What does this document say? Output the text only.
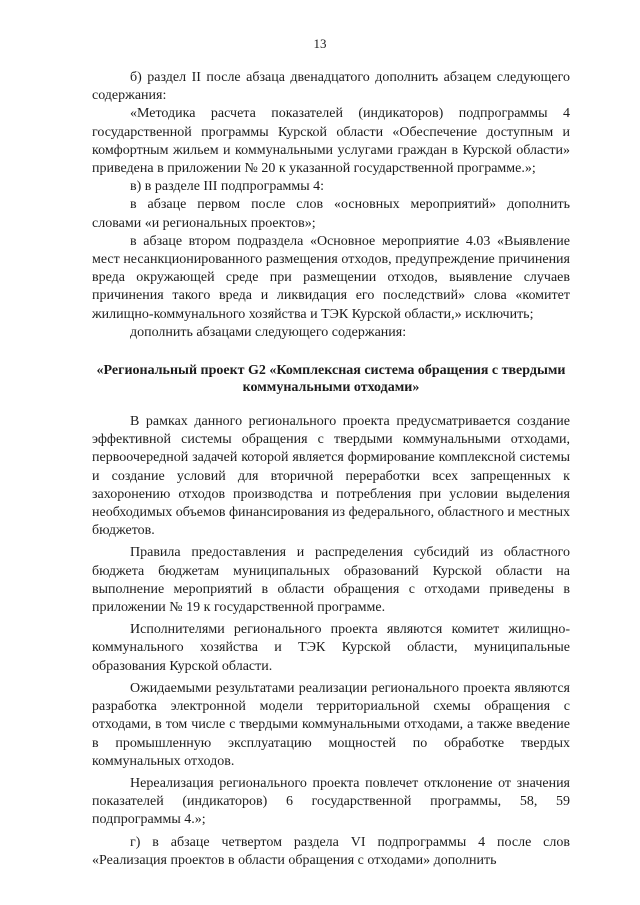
13

б) раздел II после абзаца двенадцатого дополнить абзацем следующего содержания:

«Методика расчета показателей (индикаторов) подпрограммы 4 государственной программы Курской области «Обеспечение доступным и комфортным жильем и коммунальными услугами граждан в Курской области» приведена в приложении № 20 к указанной государственной программе.»;

в) в разделе III подпрограммы 4:

в абзаце первом после слов «основных мероприятий» дополнить словами «и региональных проектов»;

в абзаце втором подраздела «Основное мероприятие 4.03 «Выявление мест несанкционированного размещения отходов, предупреждение причинения вреда окружающей среде при размещении отходов, выявление случаев причинения такого вреда и ликвидация его последствий» слова «комитет жилищно-коммунального хозяйства и ТЭК Курской области,» исключить;

дополнить абзацами следующего содержания:

«Региональный проект G2 «Комплексная система обращения с твердыми коммунальными отходами»

В рамках данного регионального проекта предусматривается создание эффективной системы обращения с твердыми коммунальными отходами, первоочередной задачей которой является формирование комплексной системы и создание условий для вторичной переработки всех запрещенных к захоронению отходов производства и потребления при условии выделения необходимых объемов финансирования из федерального, областного и местных бюджетов.

Правила предоставления и распределения субсидий из областного бюджета бюджетам муниципальных образований Курской области на выполнение мероприятий в области обращения с отходами приведены в приложении № 19 к государственной программе.

Исполнителями регионального проекта являются комитет жилищно-коммунального хозяйства и ТЭК Курской области, муниципальные образования Курской области.

Ожидаемыми результатами реализации регионального проекта являются разработка электронной модели территориальной схемы обращения с отходами, в том числе с твердыми коммунальными отходами, а также введение в промышленную эксплуатацию мощностей по обработке твердых коммунальных отходов.

Нереализация регионального проекта повлечет отклонение от значения показателей (индикаторов) 6 государственной программы, 58, 59 подпрограммы 4.»;

г) в абзаце четвертом раздела VI подпрограммы 4 после слов «Реализация проектов в области обращения с отходами» дополнить
